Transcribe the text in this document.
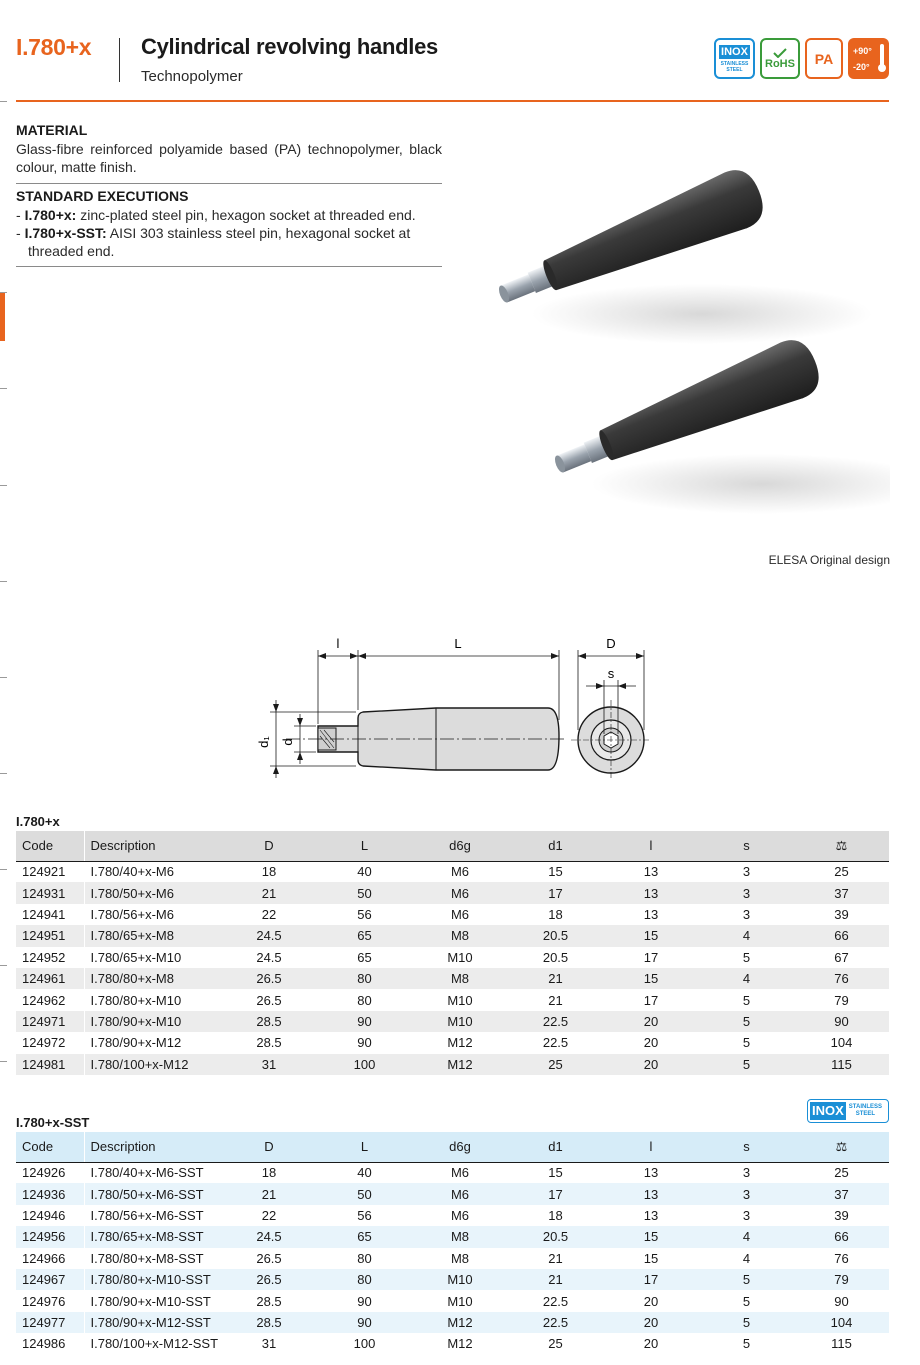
I.780+x Cylindrical revolving handles
Technopolymer
INOX
STAINLESS
STEEL	RoHS PA +90°
-20°
MATERIAL
Glass-fibre reinforced polyamide based (PA) technopolymer, black colour, matte finish.
STANDARD EXECUTIONS
- I.780+x: zinc-plated steel pin, hexagon socket at threaded end.
- I.780+x-SST: AISI 303 stainless steel pin, hexagonal socket at
threaded end.
ELESA Original design
l	L
d₁ d
D
s
I.780+x
Code	Description	D	L	d6g	d1	l	s	⚖
124921	I.780/40+x-M6	18	40	M6	15	13	3	25
124931	I.780/50+x-M6	21	50	M6	17	13	3	37
124941	I.780/56+x-M6	22	56	M6	18	13	3	39
124951	I.780/65+x-M8	24.5	65	M8	20.5	15	4	66
124952	I.780/65+x-M10	24.5	65	M10	20.5	17	5	67
124961	I.780/80+x-M8	26.5	80	M8	21	15	4	76
124962	I.780/80+x-M10	26.5	80	M10	21	17	5	79
124971	I.780/90+x-M10	28.5	90	M10	22.5	20	5	90
124972	I.780/90+x-M12	28.5	90	M12	22.5	20	5	104
124981	I.780/100+x-M12	31	100	M12	25	20	5	115
I.780+x-SST
INOX STAINLESS
STEEL
Code	Description	D	L	d6g	d1	l	s	⚖
124926	I.780/40+x-M6-SST	18	40	M6	15	13	3	25
124936	I.780/50+x-M6-SST	21	50	M6	17	13	3	37
124946	I.780/56+x-M6-SST	22	56	M6	18	13	3	39
124956	I.780/65+x-M8-SST	24.5	65	M8	20.5	15	4	66
124966	I.780/80+x-M8-SST	26.5	80	M8	21	15	4	76
124967	I.780/80+x-M10-SST	26.5	80	M10	21	17	5	79
124976	I.780/90+x-M10-SST	28.5	90	M10	22.5	20	5	90
124977	I.780/90+x-M12-SST	28.5	90	M12	22.5	20	5	104
124986	I.780/100+x-M12-SST	31	100	M12	25	20	5	115
